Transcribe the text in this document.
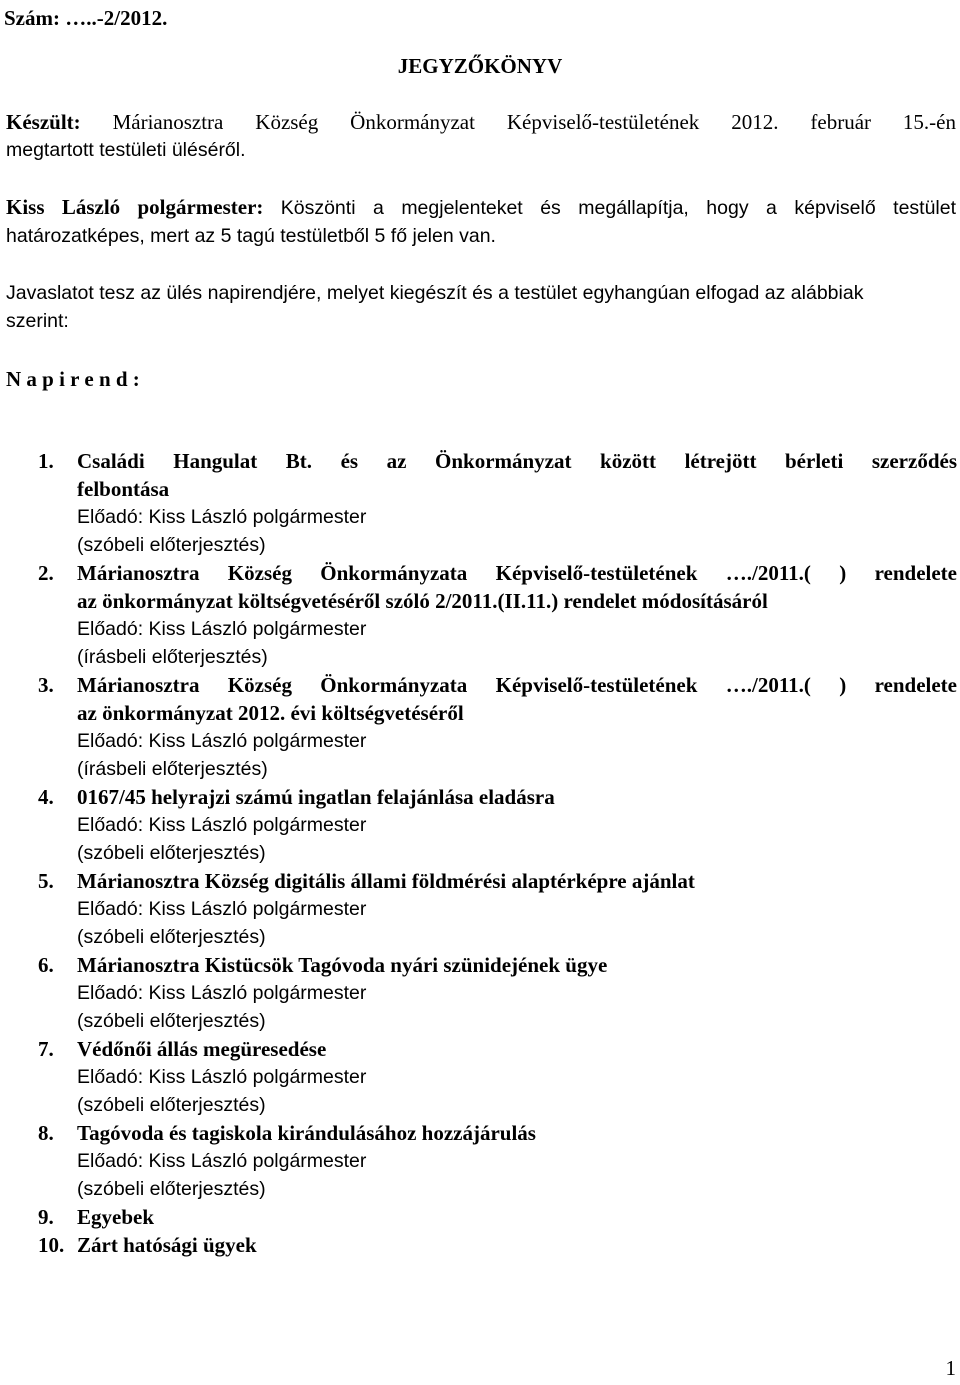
Szám: …..-2/2012.
JEGYZŐKÖNYV
Készült: Márianosztra Község Önkormányzat Képviselő-testületének 2012. február 15.-én
megtartott testületi üléséről.
Kiss László polgármester: Köszönti a megjelenteket és megállapítja, hogy a képviselő testület
határozatképes, mert az 5 tagú testületből 5 fő jelen van.
Javaslatot tesz az ülés napirendjére, melyet kiegészít és a testület egyhangúan elfogad az alábbiak
szerint:
N a p i r e n d :
1.	Családi Hangulat Bt. és az Önkormányzat között létrejött bérleti szerződés
felbontása
Előadó: Kiss László polgármester
(szóbeli előterjesztés)
2.	Márianosztra Község Önkormányzata Képviselő-testületének …./2011.( ) rendelete
az önkormányzat költségvetéséről szóló 2/2011.(II.11.) rendelet módosításáról
Előadó: Kiss László polgármester
(írásbeli előterjesztés)
3.	Márianosztra Község Önkormányzata Képviselő-testületének …./2011.( ) rendelete
az önkormányzat 2012. évi költségvetéséről
Előadó: Kiss László polgármester
(írásbeli előterjesztés)
4.	0167/45 helyrajzi számú ingatlan felajánlása eladásra
Előadó: Kiss László polgármester
(szóbeli előterjesztés)
5.	Márianosztra Község digitális állami földmérési alaptérképre ajánlat
Előadó: Kiss László polgármester
(szóbeli előterjesztés)
6.	Márianosztra Kistücsök Tagóvoda nyári szünidejének ügye
Előadó: Kiss László polgármester
(szóbeli előterjesztés)
7.	Védőnői állás megüresedése
Előadó: Kiss László polgármester
(szóbeli előterjesztés)
8.	Tagóvoda és tagiskola kirándulásához hozzájárulás
Előadó: Kiss László polgármester
(szóbeli előterjesztés)
9.	Egyebek
10. Zárt hatósági ügyek
1
